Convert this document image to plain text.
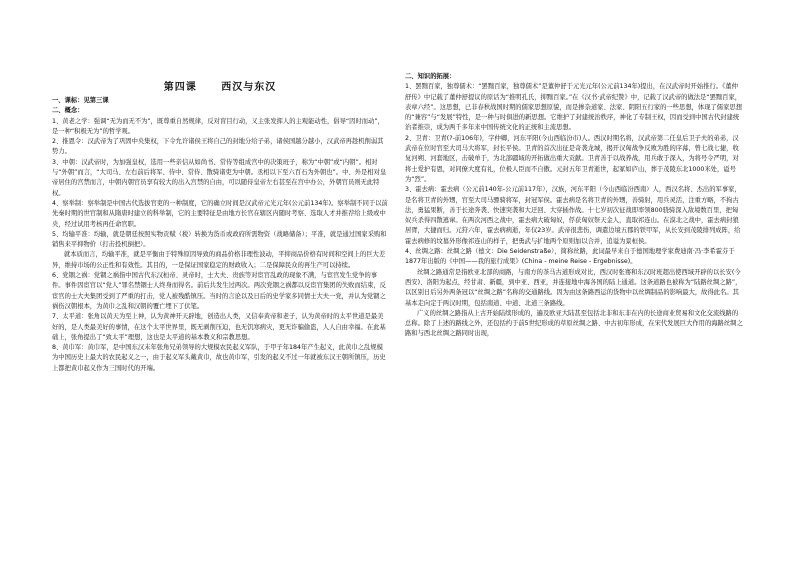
第四课 西汉与东汉

一、课标：见第三课

二、概念：

1、黄老之学：强调“无为而无不为”，既尊重自然规律，反对盲目行动，又主张发挥人的主观能动性，倡导“因时而动”，是一种“积极无为”的哲学观。

2、推恩令：汉武帝为了巩固中央集权，下令允许诸侯王将自己的封地分给子弟，诸侯国越分越小，汉武帝再趁机削弱其势力。

3、中朝：汉武帝时，为加强皇权，选用一些亲信从如尚书、常侍等组成宫中的决策班子，称为“中朝”或“内朝”。相对与“外朝”而言，“大司马、左右前后将军、侍中、常侍、散骑诸吏为中朝。丞相以下至六百石为外朝也”。中、外是相对皇帝居住的宫禁而言，中朝内朝官员享有较大的出入宫禁的自由，可以随侍皇帝左右甚至在宫中办公，外朝官员则无此特权。

4、察举制：察举制是中国古代选拔官吏的一种制度，它的确立时间是汉武帝元光元年(公元前134年)。察举制不同于以前先秦时期的世官制和从隋唐时建立的科举制，它的主要特征是由地方长官在辖区内随时考察、选取人才并推荐给上级或中央，经过试用考核再任命官职。

5、均输平准：均输，就是朝廷按照实物贡赋（税）转换为货币或政府所需物资（战略储备）；平准，就是通过国家采购和销售来平抑物价（打击投机倒把）。

就本质而言，均输平准，就是平衡由于特殊原因导致的商品价格非理性波动，平抑商品价格有时间和空间上的巨大差异，维持市场的公正性和有效性。其目的，一是保证国家稳定的财政收入；二是保障民众的再生产可以持续。

6、党锢之祸：党锢之祸指中国古代东汉桓帝、灵帝时，士大夫、贵族等对宦官乱政的现象不满，与宦官发生党争的事件。事件因宦官以“党人”罪名禁锢士人终身而得名。前后共发生过两次。两次党锢之祸都以反宦官集团的失败而结束，反宦官的士大夫集团受到了严重的打击，党人被残酷镇压。当时的言论以及日后的史学家多同情士大夫一党，并认为党锢之祸伤汉朝根本，为黄巾之乱和汉朝的覆亡埋下了伏笔。

7、太平道：张角以黄天为至上神，认为黄神开天辟地，创造出人类，又信奉黄帝和老子，认为黄帝时的太平世道是最美好的，是人类最美好的事情，在这个太平世界里，既无剥削压迫，也无饥寒病灾，更无诈骗偷盗，人人自由幸福。在此基础上，张角提出了“致太平”理想，这也是太平道的基本教义和宗教思想。

8、黄巾军：黄巾军，是中国东汉末年张角兄弟领导的大规模农民起义军队，于甲子年184年产生起义，此黄巾之乱规模为中国历史上最大的农民起义之一，由于起义军头戴黄巾，故也黄巾军，引发的起义不过一年就被东汉王朝所镇压，历史上都把黄巾起义作为三国时代的开端。

二、知识的拓展：

1、罢黜百家，独尊儒术：“罢黜百家，独尊儒术”是董仲舒于元光元年(公元前134年)提出，在汉武帝时开始推行。《董仲舒传》中记载了董仲舒提议的原话为“推明孔氏，抑黜百家。”在《汉书·武帝纪赞》中，记载了汉武帝的做法是“罢黜百家，表章六经”。这思想，已非春秋战国时期的儒家思想原貌，而是掺杂道家、法家、阴阳五行家的一些思想，体现了儒家思想的“兼容”与“发展”特性，是一种与时俱进的新思想。它维护了封建统治秩序，神化了专制王权，因而受到中国古代封建统治者推崇，成为两千多年来中国传统文化的正统和主流思想。

2、卫青：卫青(?-前106年)，字仲卿，河东平阳(今山西临汾市)人。西汉时期名将，汉武帝第二任皇后卫子夫的弟弟，汉武帝在位时官至大司马大将军，封长平侯。卫青的首次出征是奇袭龙城，揭开汉匈战争反败为胜的序幕，曾七战七捷，收复河朔、河套地区，击破单于，为北部疆域的开拓做出重大贡献。卫青善于以战养战，用兵敢于深入，为将号令严明，对将士爱护有恩，对同僚大度有礼，位极人臣而不自傲。元封五年卫青逝世，起冢如庐山，葬于茂陵东北1000米处，谥号为“烈”。

3、霍去病：霍去病（公元前140年-公元前117年），汉族，河东平阳（今山西临汾西南）人，西汉名将、杰出的军事家，是名将卫青的外甥，官至大司马骠骑将军，封冠军侯。霍去病是名将卫青的外甥，善骑射，用兵灵活，注重方略，不拘古法，勇猛果断，善于长途奔袭、快速突袭和大迂回、大穿插作战。十七岁初次征战即率领800骁骑深入敌境数百里，把匈奴兵杀得四散逃窜。在两次河西之战中，霍去病大破匈奴，俘获匈奴祭天金人，直取祁连山。在漠北之战中，霍去病封狼居胥，大捷而归。元狩六年，霍去病病逝，年仅23岁。武帝很悲伤，调遣边境五郡的铁甲军，从长安到茂陵排列成阵，给霍去病修的坟墓外形像祁连山的样子，把勇武与扩地两个原则加以合并，追谥为景桓侯。

4、丝绸之路：丝绸之路（德文：Die Seidenstraße），简称丝路，此词最早来自于德国地理学家费迪南·冯·李希霍芬于1877年出版的《中国——我的旅行成果》(China - meine Reise - Ergebnisse)。

丝绸之路通常是指欧亚北部的商路，与南方的茶马古道形成对比，西汉时张骞和东汉时班超出使西域开辟的以长安(今西安)、洛阳为起点，经甘肃、新疆，到中亚、西亚，并连接地中海各国的陆上通道。这条道路也被称为“陆路丝绸之路”，以区别日后另外两条冠以“丝绸之路”名称的交通路线。因为由这条路西运的货物中以丝绸制品的影响最大，故得此名。其基本走向定于两汉时期，包括南道、中道、北道三条路线。

广义的丝绸之路指从上古开始陆续形成的，遍及欧亚大陆甚至包括北非和东非在内的长途商业贸易和文化交流线路的总称。除了上述的路线之外，还包括约于前5世纪形成的草原丝绸之路、中古初年形成，在宋代发展巨大作用的海路丝绸之路和与西北丝绸之路同时出现，
